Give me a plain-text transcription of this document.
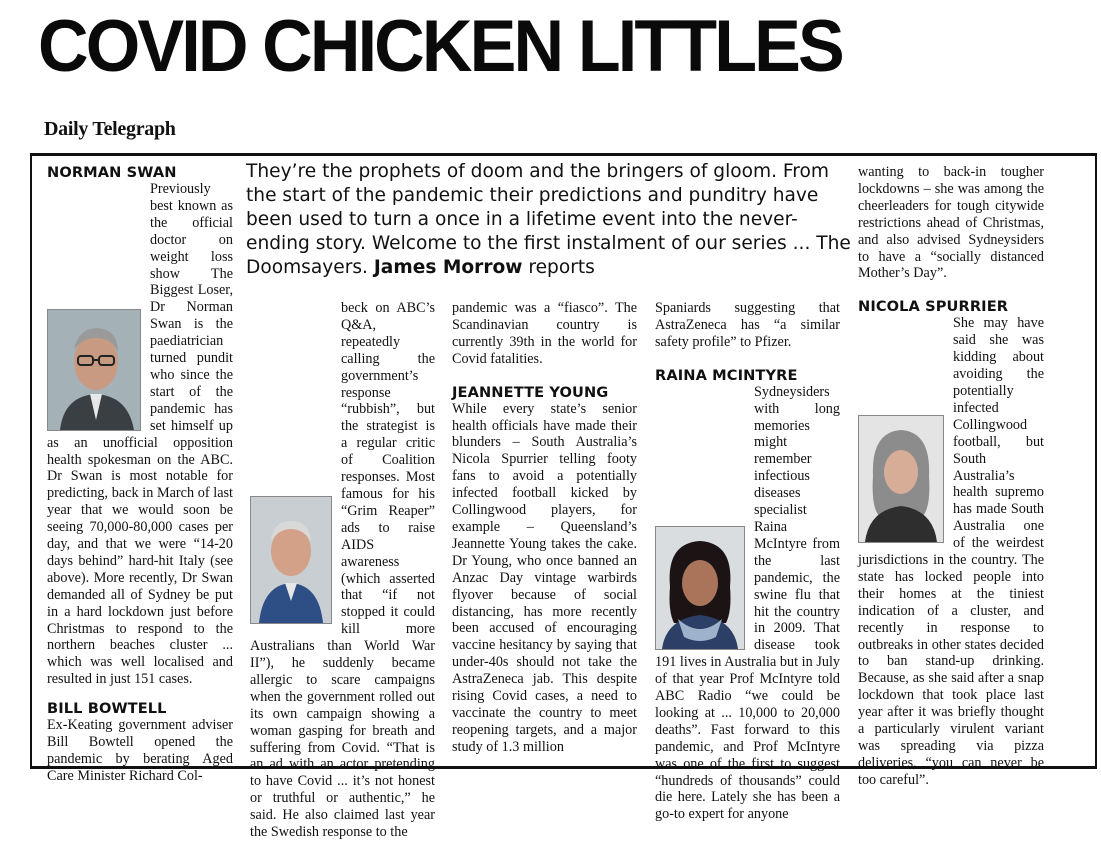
COVID CHICKEN LITTLES
Daily Telegraph
They’re the prophets of doom and the bringers of gloom. From the start of the pandemic their predictions and punditry have been used to turn a once in a lifetime event into the never-ending story. Welcome to the first instalment of our series ... The Doomsayers. James Morrow reports
NORMAN SWAN

Previously best known as the official doctor on weight loss show The Biggest Loser, Dr Norman Swan is the paediatrician turned pundit who since the start of the pandemic has set himself up as an unofficial opposition health spokesman on the ABC. Dr Swan is most notable for predicting, back in March of last year that we would soon be seeing 70,000-80,000 cases per day, and that we were “14-20 days behind” hard-hit Italy (see above). More recently, Dr Swan demanded all of Sydney be put in a hard lockdown just before Christmas to respond to the northern beaches cluster ... which was well localised and resulted in just 151 cases.

BILL BOWTELL

Ex-Keating government adviser Bill Bowtell opened the pandemic by berating Aged Care Minister Richard Col-

beck on ABC’s Q&A, repeatedly calling the government’s response “rubbish”, but the strategist is a regular critic of Coalition responses. Most famous for his “Grim Reaper” ads to raise AIDS awareness (which asserted that “if not stopped it could kill more Australians than World War II”), he suddenly became allergic to scare campaigns when the government rolled out its own campaign showing a woman gasping for breath and suffering from Covid. “That is an ad with an actor pretending to have Covid ... it’s not honest or truthful or authentic,” he said. He also claimed last year the Swedish response to the

pandemic was a “fiasco”. The Scandinavian country is currently 39th in the world for Covid fatalities.

JEANNETTE YOUNG

While every state’s senior health officials have made their blunders – South Australia’s Nicola Spurrier telling footy fans to avoid a potentially infected football kicked by Collingwood players, for example – Queensland’s Jeannette Young takes the cake. Dr Young, who once banned an Anzac Day vintage warbirds flyover because of social distancing, has more recently been accused of encouraging vaccine hesitancy by saying that under-40s should not take the AstraZeneca jab. This despite rising Covid cases, a need to vaccinate the country to meet reopening targets, and a major study of 1.3 million

Spaniards suggesting that AstraZeneca has “a similar safety profile” to Pfizer.

RAINA MCINTYRE

Sydneysiders with long memories might remember infectious diseases specialist Raina McIntyre from the last pandemic, the swine flu that hit the country in 2009. That disease took 191 lives in Australia but in July of that year Prof McIntyre told ABC Radio “we could be looking at ... 10,000 to 20,000 deaths”. Fast forward to this pandemic, and Prof McIntyre was one of the first to suggest “hundreds of thousands” could die here. Lately she has been a go-to expert for anyone

wanting to back-in tougher lockdowns – she was among the cheerleaders for tough citywide restrictions ahead of Christmas, and also advised Sydneysiders to have a “socially distanced Mother’s Day”.

NICOLA SPURRIER

She may have said she was kidding about avoiding the potentially infected Collingwood football, but South Australia’s health supremo has made South Australia one of the weirdest jurisdictions in the country. The state has locked people into their homes at the tiniest indication of a cluster, and recently in response to outbreaks in other states decided to ban stand-up drinking. Because, as she said after a snap lockdown that took place last year after it was briefly thought a particularly virulent variant was spreading via pizza deliveries, “you can never be too careful”.
